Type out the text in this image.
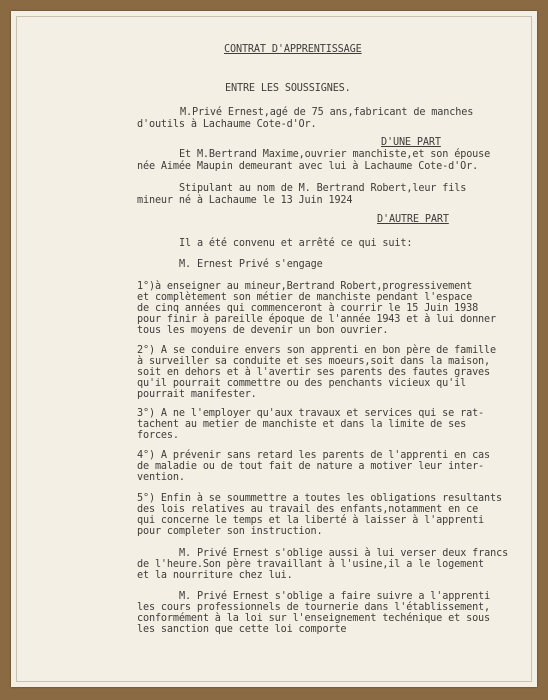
CONTRAT D'APPRENTISSAGE
ENTRE LES SOUSSIGNES.
M.Privé Ernest,agé de 75 ans,fabricant de manches
d'outils à Lachaume Cote-d'Or.
D'UNE PART
Et M.Bertrand Maxime,ouvrier manchiste,et son épouse
née Aimée Maupin demeurant avec lui à Lachaume Cote-d'Or.
Stipulant au nom de M. Bertrand Robert,leur fils
mineur né à Lachaume le 13 Juin 1924
D'AUTRE PART
Il a été convenu et arrêté ce qui suit:
M. Ernest Privé s'engage
1°)à enseigner au mineur,Bertrand Robert,progressivement
et complètement son métier de manchiste pendant l'espace
de cinq années qui commenceront à courrir le 15 Juin 1938
pour finir à pareille époque de l'année 1943 et à lui donner
tous les moyens de devenir un bon ouvrier.
2°) A se conduire envers son apprenti en bon père de famille
à surveiller sa conduite et ses moeurs,soit dans la maison,
soit en dehors et à l'avertir ses parents des fautes graves
qu'il pourrait commettre ou des penchants vicieux qu'il
pourrait manifester.
3°) A ne l'employer qu'aux travaux et services qui se rat-
tachent au metier de manchiste et dans la limite de ses
forces.
4°) A prévenir sans retard les parents de l'apprenti en cas
de maladie ou de tout fait de nature a motiver leur inter-
vention.
5°) Enfin à se soummettre a toutes les obligations resultants
des lois relatives au travail des enfants,notamment en ce
qui concerne le temps et la liberté à laisser à l'apprenti
pour completer son instruction.
M. Privé Ernest s'oblige aussi à lui verser deux francs
de l'heure.Son père travaillant à l'usine,il a le logement
et la nourriture chez lui.
M. Privé Ernest s'oblige a faire suivre a l'apprenti
les cours professionnels de tournerie dans l'établissement,
conformément à la loi sur l'enseignement techénique et sous
les sanction que cette loi comporte
